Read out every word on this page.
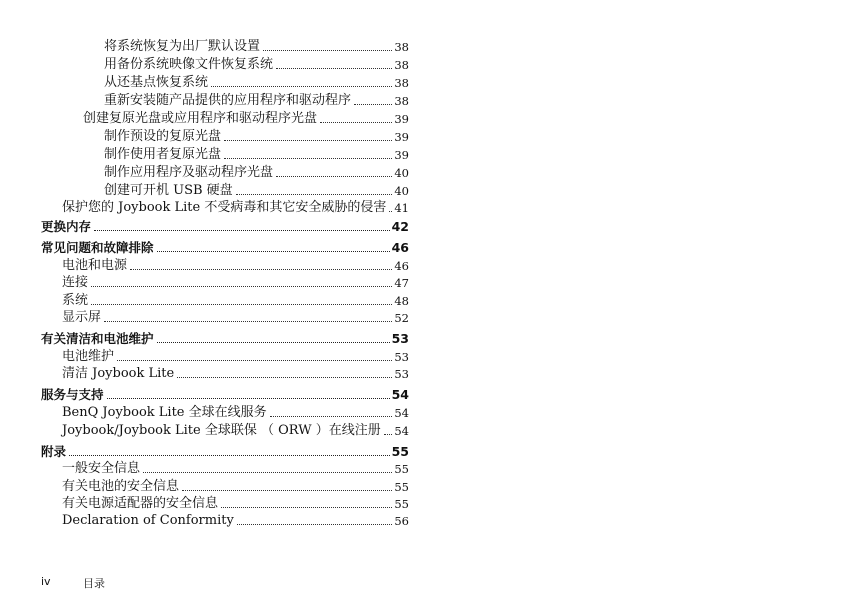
将系统恢复为出厂默认设置	38
用备份系统映像文件恢复系统	38
从还基点恢复系统	38
重新安装随产品提供的应用程序和驱动程序	38
创建复原光盘或应用程序和驱动程序光盘	39
制作预设的复原光盘	39
制作使用者复原光盘	39
制作应用程序及驱动程序光盘	40
创建可开机 USB 硬盘	40
保护您的 Joybook Lite 不受病毒和其它安全威胁的侵害 41
更换内存	42
常见问题和故障排除	46
电池和电源	46
连接	47
系统	48
显示屏	52
有关清洁和电池维护	53
电池维护	53
清洁 Joybook Lite	53
服务与支持	54
BenQ Joybook Lite 全球在线服务	54
Joybook/Joybook Lite 全球联保 （ ORW ）在线注册 54
附录	55
一般安全信息	55
有关电池的安全信息	55
有关电源适配器的安全信息	55
Declaration of Conformity	56
iv	目录
